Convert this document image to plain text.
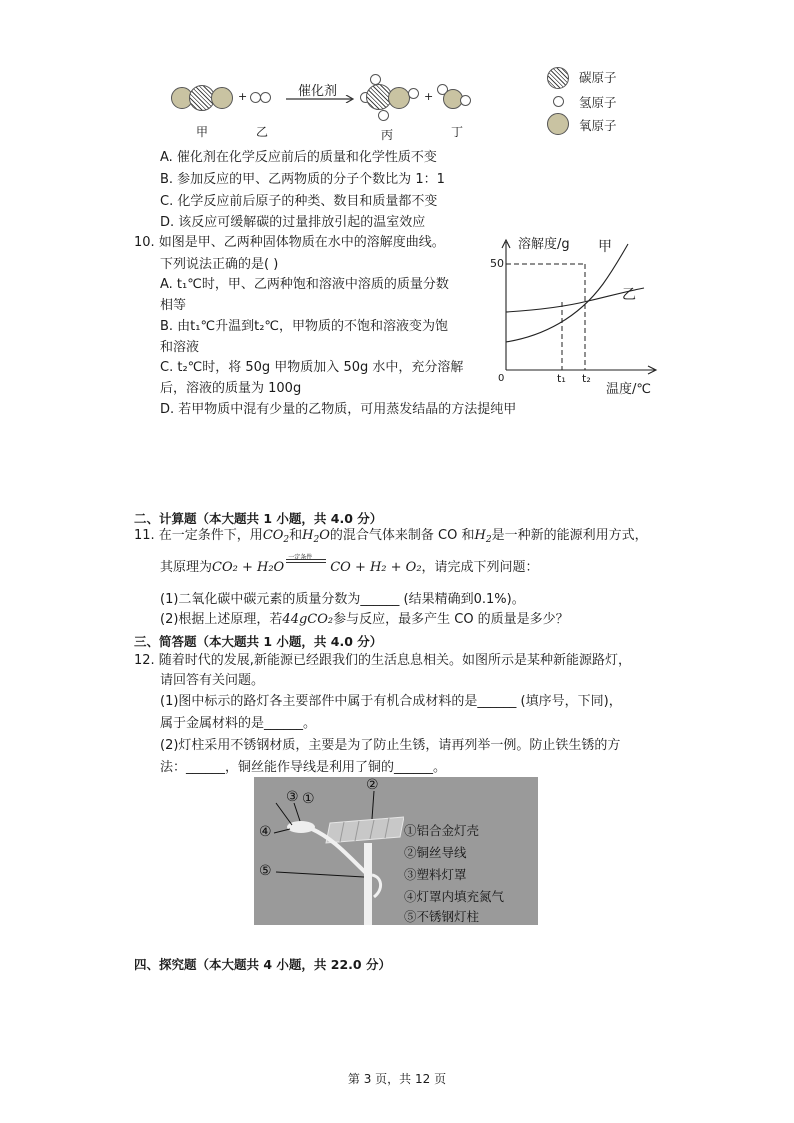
+	催化剂	+
甲	乙	丙	丁
碳原子
氢原子
氧原子
A. 催化剂在化学反应前后的质量和化学性质不变
B. 参加反应的甲、乙两物质的分子个数比为 1：1
C. 化学反应前后原子的种类、数目和质量都不变
D. 该反应可缓解碳的过量排放引起的温室效应
10. 如图是甲、乙两种固体物质在水中的溶解度曲线。
下列说法正确的是( )
A. t₁℃时，甲、乙两种饱和溶液中溶质的质量分数
相等
B. 由t₁℃升温到t₂℃，甲物质的不饱和溶液变为饱
和溶液
C. t₂℃时，将 50g 甲物质加入 50g 水中，充分溶解
后，溶液的质量为 100g
D. 若甲物质中混有少量的乙物质，可用蒸发结晶的方法提纯甲
溶解度/g 甲
50
乙
0	t₁ t₂
温度/℃
二、计算题（本大题共 1 小题，共 4.0 分）
11. 在一定条件下，用$CO_2$和$H_2O$的混合气体来制备 CO 和$H_2$是一种新的能源利用方式，
其原理为CO₂ + H₂O
一定条件
CO + H₂ + O₂，请完成下列问题：
(1)二氧化碳中碳元素的质量分数为______ (结果精确到0.1%)。
(2)根据上述原理，若44gCO₂参与反应，最多产生 CO 的质量是多少？
三、简答题（本大题共 1 小题，共 4.0 分）
12. 随着时代的发展,新能源已经跟我们的生活息息相关。如图所示是某种新能源路灯，
请回答有关问题。
(1)图中标示的路灯各主要部件中属于有机合成材料的是______ (填序号，下同)，
属于金属材料的是______。
(2)灯柱采用不锈钢材质，主要是为了防止生锈，请再列举一例。防止铁生锈的方
法：______，铜丝能作导线是利用了铜的______。
③ ①
②
④
⑤
①铝合金灯壳
②铜丝导线
③塑料灯罩
④灯罩内填充氮气
⑤不锈钢灯柱
四、探究题（本大题共 4 小题，共 22.0 分）
第 3 页，共 12 页
